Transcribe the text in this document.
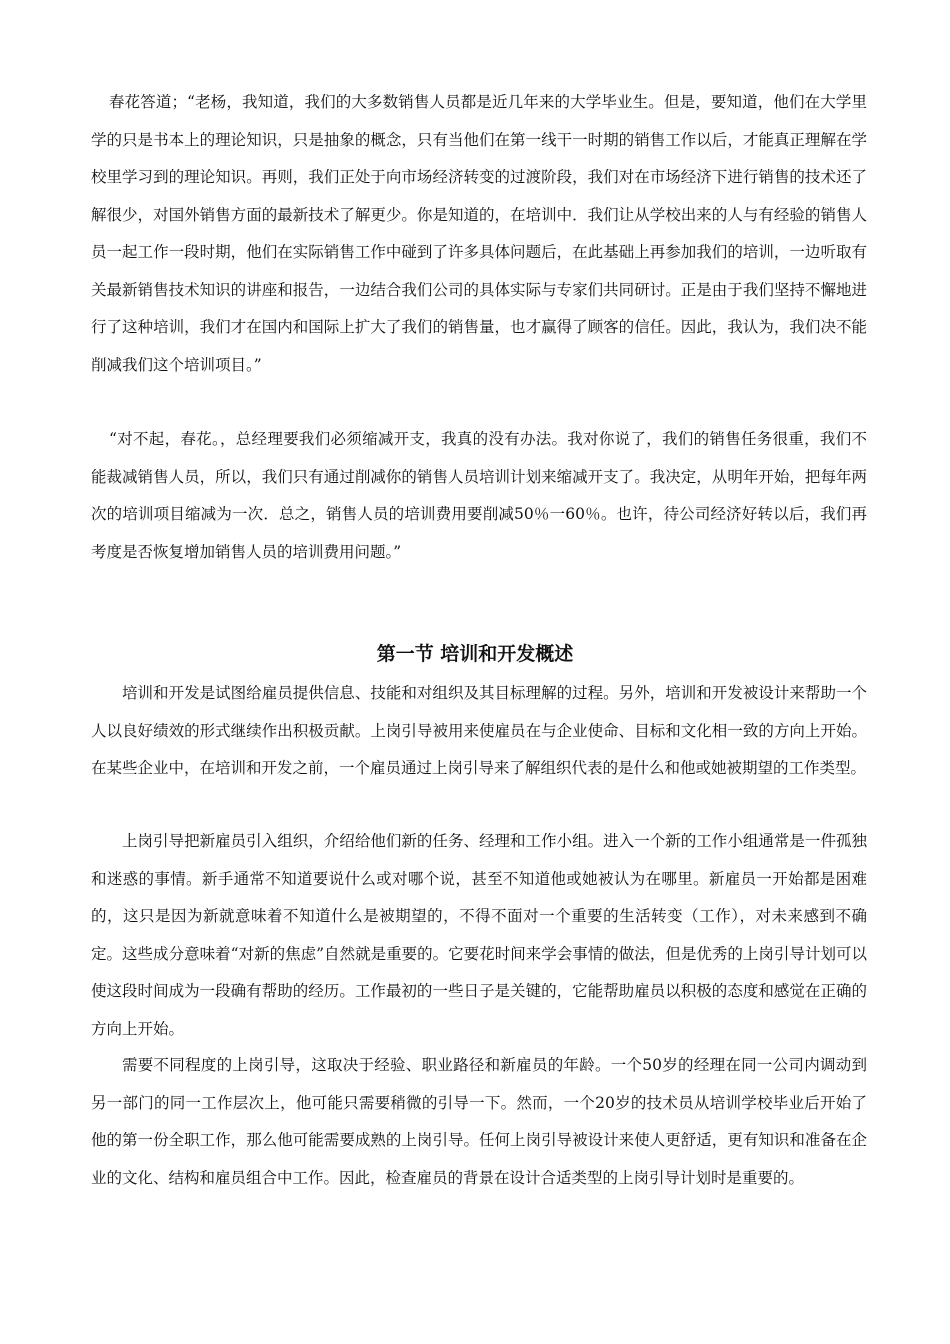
春花答道；“老杨，我知道，我们的大多数销售人员都是近几年来的大学毕业生。但是，要知道，他们在大学里学的只是书本上的理论知识，只是抽象的概念，只有当他们在第一线干一时期的销售工作以后，才能真正理解在学校里学习到的理论知识。再则，我们正处于向市场经济转变的过渡阶段，我们对在市场经济下进行销售的技术还了解很少，对国外销售方面的最新技术了解更少。你是知道的，在培训中．我们让从学校出来的人与有经验的销售人员一起工作一段时期，他们在实际销售工作中碰到了许多具体问题后，在此基础上再参加我们的培训，一边听取有关最新销售技术知识的讲座和报告，一边结合我们公司的具体实际与专家们共同研讨。正是由于我们坚持不懈地进行了这种培训，我们才在国内和国际上扩大了我们的销售量，也才赢得了顾客的信任。因此，我认为，我们决不能削减我们这个培训项目。”

“对不起，春花。，总经理要我们必须缩减开支，我真的没有办法。我对你说了，我们的销售任务很重，我们不能裁减销售人员，所以，我们只有通过削减你的销售人员培训计划来缩减开支了。我决定，从明年开始，把每年两次的培训项目缩减为一次．总之，销售人员的培训费用要削减50％一60％。也许，待公司经济好转以后，我们再考度是否恢复增加销售人员的培训费用问题。”

第一节 培训和开发概述

培训和开发是试图给雇员提供信息、技能和对组织及其目标理解的过程。另外，培训和开发被设计来帮助一个人以良好绩效的形式继续作出积极贡献。上岗引导被用来使雇员在与企业使命、目标和文化相一致的方向上开始。在某些企业中，在培训和开发之前，一个雇员通过上岗引导来了解组织代表的是什么和他或她被期望的工作类型。

上岗引导把新雇员引入组织，介绍给他们新的任务、经理和工作小组。进入一个新的工作小组通常是一件孤独和迷惑的事情。新手通常不知道要说什么或对哪个说，甚至不知道他或她被认为在哪里。新雇员一开始都是困难的，这只是因为新就意味着不知道什么是被期望的，不得不面对一个重要的生活转变（工作），对未来感到不确定。这些成分意味着“对新的焦虑”自然就是重要的。它要花时间来学会事情的做法，但是优秀的上岗引导计划可以使这段时间成为一段确有帮助的经历。工作最初的一些日子是关键的，它能帮助雇员以积极的态度和感觉在正确的方向上开始。

需要不同程度的上岗引导，这取决于经验、职业路径和新雇员的年龄。一个50岁的经理在同一公司内调动到另一部门的同一工作层次上，他可能只需要稍微的引导一下。然而，一个20岁的技术员从培训学校毕业后开始了他的第一份全职工作，那么他可能需要成熟的上岗引导。任何上岗引导被设计来使人更舒适，更有知识和准备在企业的文化、结构和雇员组合中工作。因此，检查雇员的背景在设计合适类型的上岗引导计划时是重要的。
